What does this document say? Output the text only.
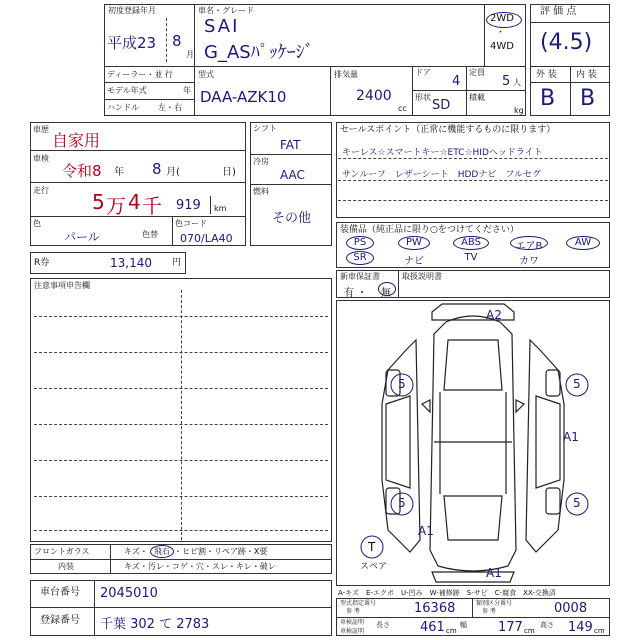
初度登録年月
平成23 8
月
車名・グレード
SAI
G_ASﾊﾟｯｹｰｼﾞ
2WD
・
4WD
評 価 点
(4.5)
外 装 内 装
B B
ディーラー・並 行
モデル年式	年
ハンドル 左・右
型式
DAA-AZK10
排気量
2400
cc
ドア
4
定員
5 人
形状
SD
積載
kg
車歴
自家用
車検
令和8 年 8 月(	日)
走行 5 万 4 千 919 km
色
パール	色替
色コード
070/LA40
シフト
FAT
冷房
AAC
燃料
その他
セールスポイント（正常に機能するものに限ります）
キーレス☆スマートキー☆ETC☆HIDヘッドライト
サンルーフ　レザーシート　HDDナビ　フルセグ
装備品（純正品に限り○をつけてください）
PS	PW	ABS	エアB	AW
SR	ナビ	TV	カワ
新車保証書
有 ・ 無
取扱説明書
R券	13,140 円
注意事項申告欄
A2
5	5
A1
5	5
A1
A1
T
スペア
フロントガラス	キズ・ 飛石 ・ヒビ割・リペア跡・X要
内装	キズ・汚レ・コゲ・穴・スレ・キレ・破レ
A-キズ　E-エクボ　U-凹み　W-補修跡　S-サビ　C-腐食　XX-交換済
車台番号 2045010
登録番号 千葉 302 て 2783
型式指定番号
参 考	16368	類別区分番号
参 考	0008
車検証明 長さ 461 cm
幅 177 cm
高さ 149 cm
車検証明
